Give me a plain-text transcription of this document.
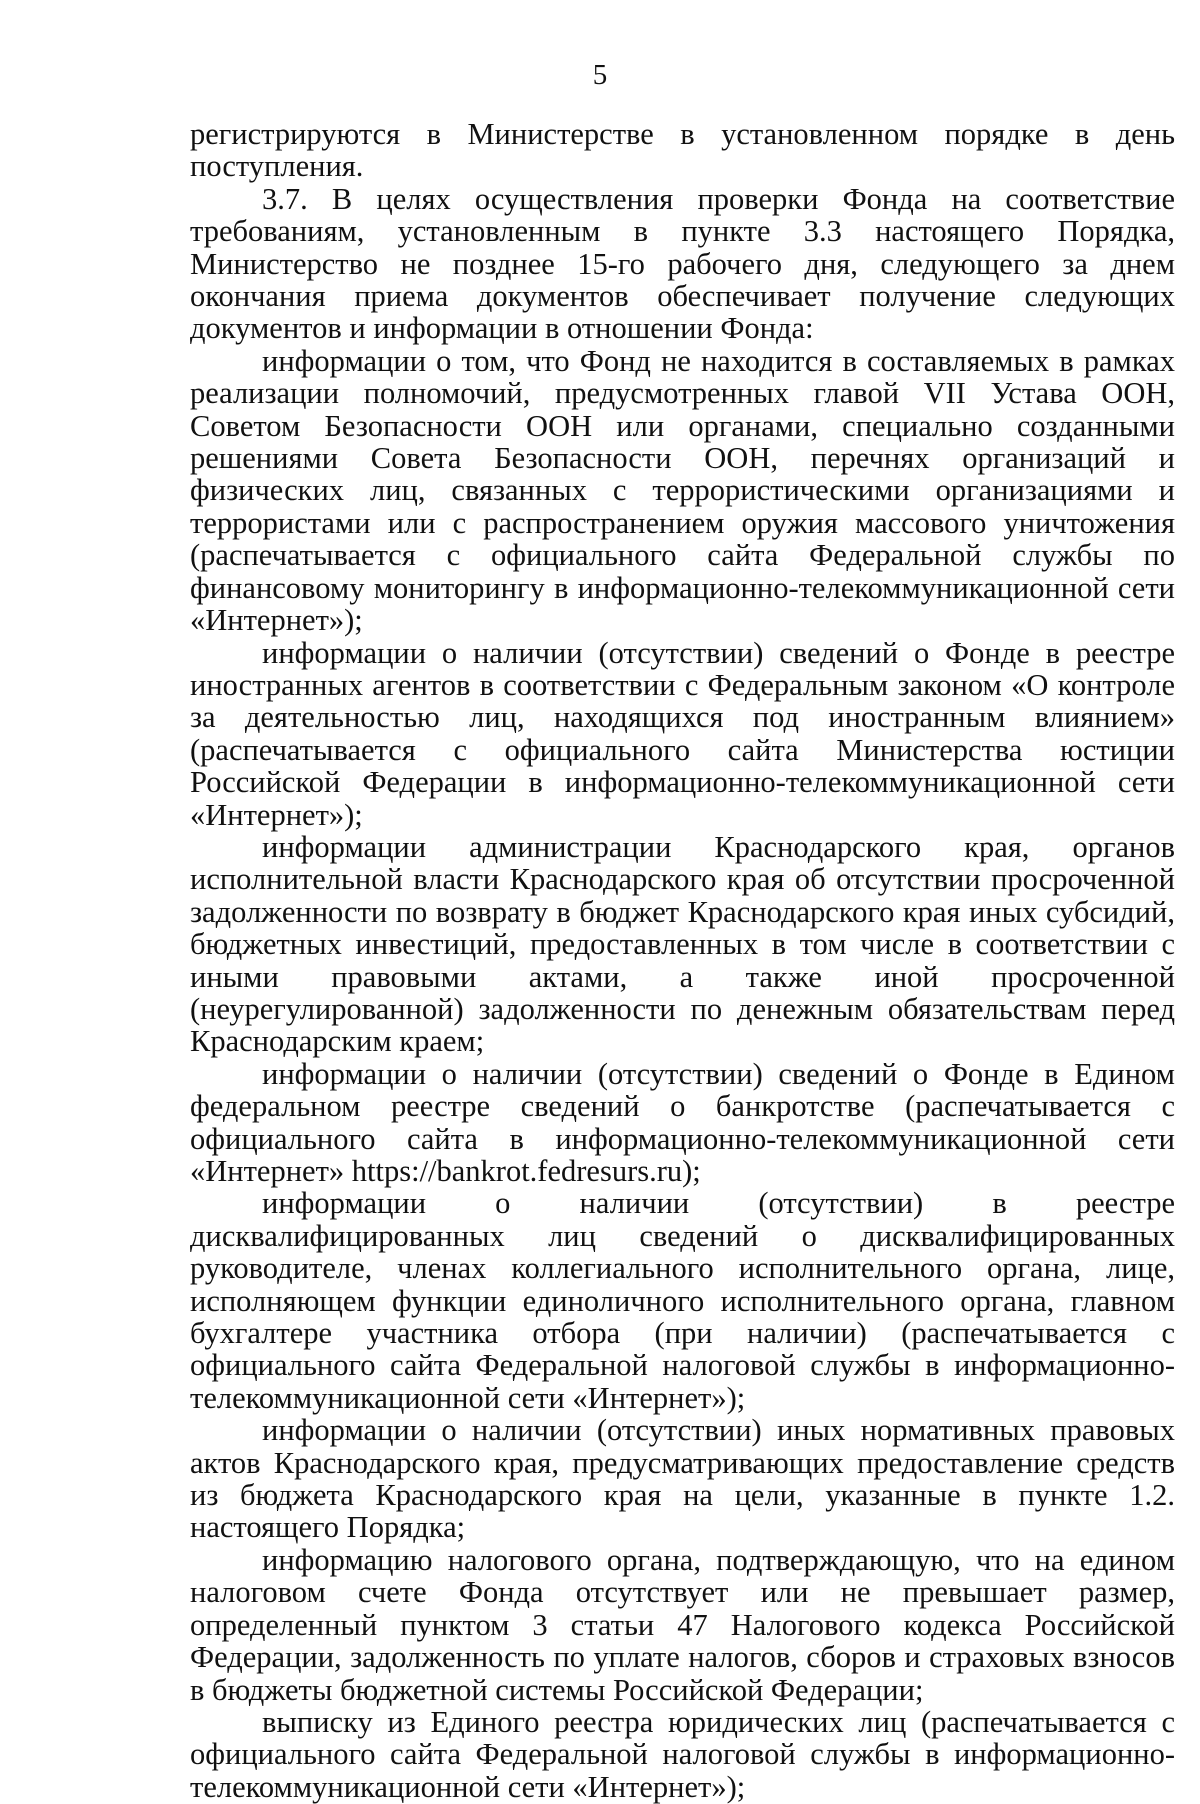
5

регистрируются в Министерстве в установленном порядке в день поступления.

3.7. В целях осуществления проверки Фонда на соответствие требованиям, установленным в пункте 3.3 настоящего Порядка, Министерство не позднее 15-го рабочего дня, следующего за днем окончания приема документов обеспечивает получение следующих документов и информации в отношении Фонда:

информации о том, что Фонд не находится в составляемых в рамках реализации полномочий, предусмотренных главой VII Устава ООН, Советом Безопасности ООН или органами, специально созданными решениями Совета Безопасности ООН, перечнях организаций и физических лиц, связанных с террористическими организациями и террористами или с распространением оружия массового уничтожения (распечатывается с официального сайта Федеральной службы по финансовому мониторингу в информационно-телекоммуникационной сети «Интернет»);

информации о наличии (отсутствии) сведений о Фонде в реестре иностранных агентов в соответствии с Федеральным законом «О контроле за деятельностью лиц, находящихся под иностранным влиянием» (распечатывается с официального сайта Министерства юстиции Российской Федерации в информационно-телекоммуникационной сети «Интернет»);

информации администрации Краснодарского края, органов исполнительной власти Краснодарского края об отсутствии просроченной задолженности по возврату в бюджет Краснодарского края иных субсидий, бюджетных инвестиций, предоставленных в том числе в соответствии с иными правовыми актами, а также иной просроченной (неурегулированной) задолженности по денежным обязательствам перед Краснодарским краем;

информации о наличии (отсутствии) сведений о Фонде в Едином федеральном реестре сведений о банкротстве (распечатывается с официального сайта в информационно-телекоммуникационной сети «Интернет» https://bankrot.fedresurs.ru);

информации о наличии (отсутствии) в реестре дисквалифицированных лиц сведений о дисквалифицированных руководителе, членах коллегиального исполнительного органа, лице, исполняющем функции единоличного исполнительного органа, главном бухгалтере участника отбора (при наличии) (распечатывается с официального сайта Федеральной налоговой службы в информационно-телекоммуникационной сети «Интернет»);

информации о наличии (отсутствии) иных нормативных правовых актов Краснодарского края, предусматривающих предоставление средств из бюджета Краснодарского края на цели, указанные в пункте 1.2. настоящего Порядка;

информацию налогового органа, подтверждающую, что на едином налоговом счете Фонда отсутствует или не превышает размер, определенный пунктом 3 статьи 47 Налогового кодекса Российской Федерации, задолженность по уплате налогов, сборов и страховых взносов в бюджеты бюджетной системы Российской Федерации;

выписку из Единого реестра юридических лиц (распечатывается с официального сайта Федеральной налоговой службы в информационно-телекоммуникационной сети «Интернет»);
